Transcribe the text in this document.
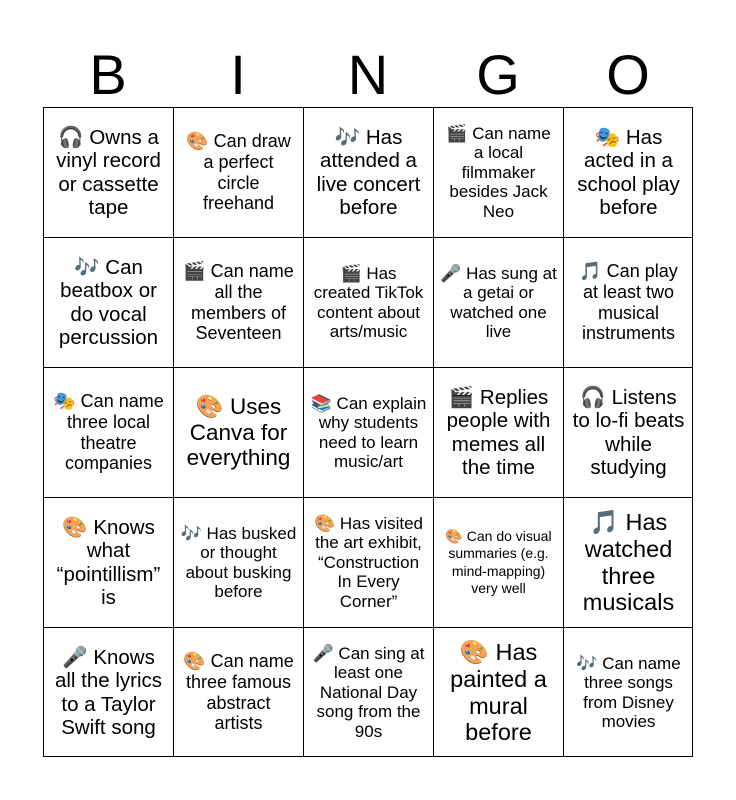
B	I	N	G	O
🎧 Owns a vinyl record or cassette tape
🎨 Can draw a perfect circle freehand
🎶 Has attended a live concert before
🎬 Can name a local filmmaker besides Jack Neo
🎭 Has acted in a school play before
🎶 Can beatbox or do vocal percussion
🎬 Can name all the members of Seventeen
🎬 Has created TikTok content about arts/music
🎤 Has sung at a getai or watched one live
🎵 Can play at least two musical instruments
🎭 Can name three local theatre companies
🎨 Uses Canva for everything
📚 Can explain why students need to learn music/art
🎬 Replies people with memes all the time
🎧 Listens to lo-fi beats while studying
🎨 Knows what “pointillism” is
🎶 Has busked or thought about busking before
🎨 Has visited the art exhibit, “Construction In Every Corner”
🎨 Can do visual summaries (e.g. mind-mapping) very well
🎵 Has watched three musicals
🎤 Knows all the lyrics to a Taylor Swift song
🎨 Can name three famous abstract artists
🎤 Can sing at least one National Day song from the 90s
🎨 Has painted a mural before
🎶 Can name three songs from Disney movies
